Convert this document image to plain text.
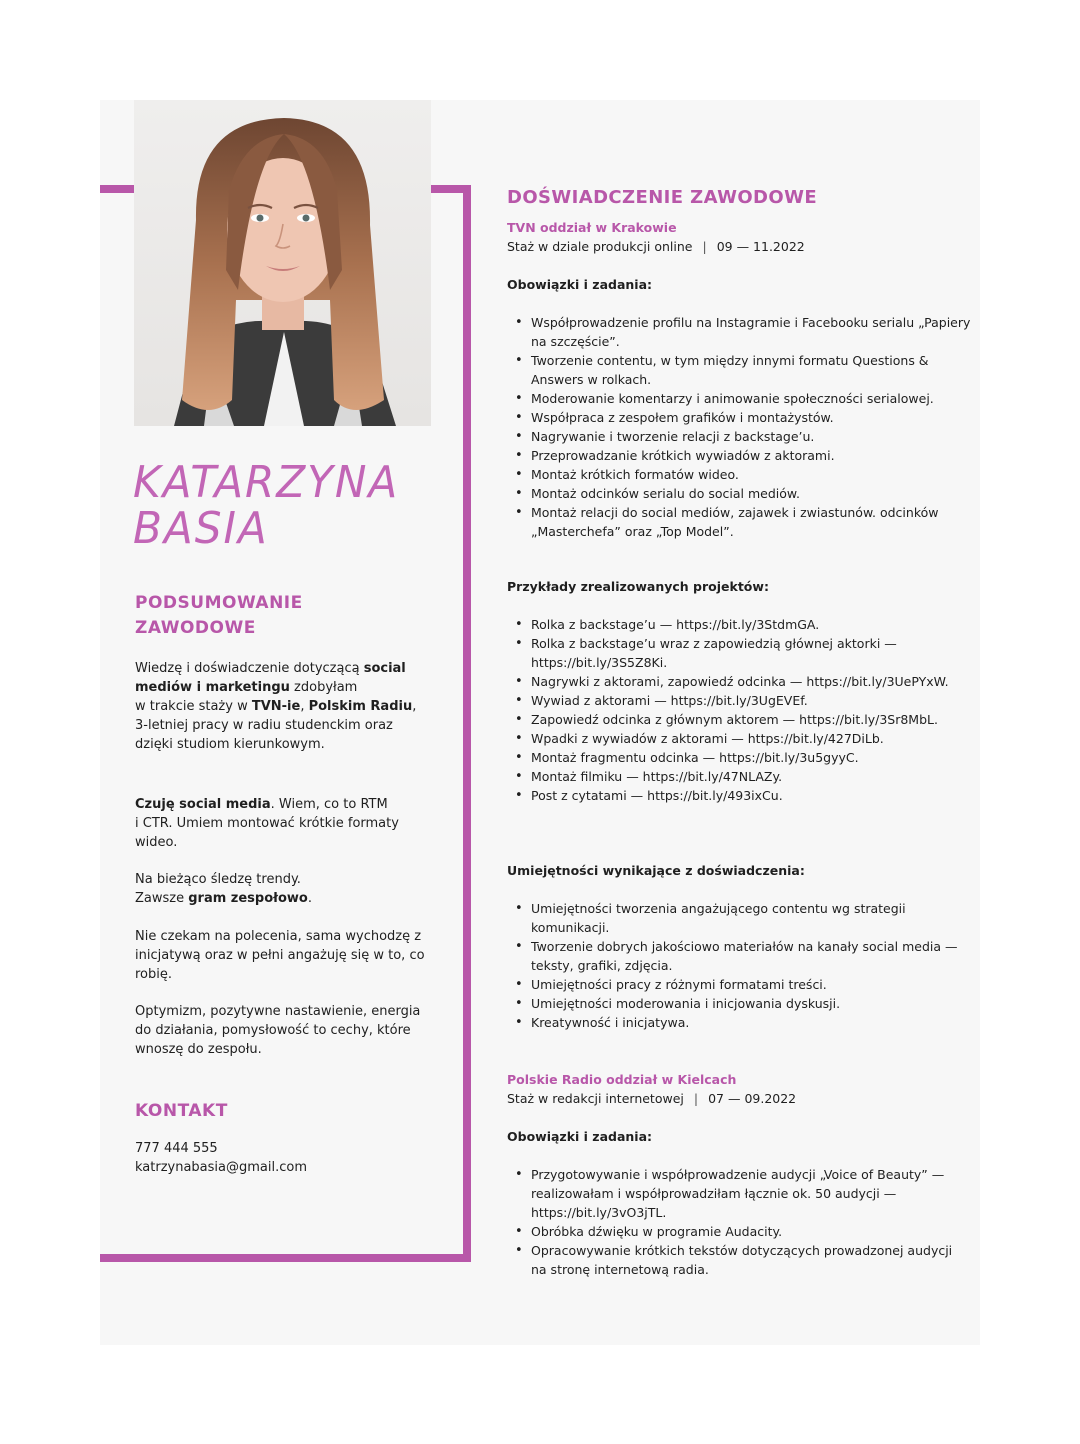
KATARZYNA
BASIA
PODSUMOWANIE
ZAWODOWE
Wiedzę i doświadczenie dotyczącą social mediów i marketingu zdobyłam
w trakcie staży w TVN-ie, Polskim Radiu, 3-letniej pracy w radiu studenckim oraz dzięki studiom kierunkowym.
Czuję social media. Wiem, co to RTM
i CTR. Umiem montować krótkie formaty wideo.
Na bieżąco śledzę trendy.
Zawsze gram zespołowo.
Nie czekam na polecenia, sama wychodzę z inicjatywą oraz w pełni angażuję się w to, co robię.
Optymizm, pozytywne nastawienie, energia do działania, pomysłowość to cechy, które wnoszę do zespołu.
KONTAKT

777 444 555

katrzynabasia@gmail.com

DOŚWIADCZENIE ZAWODOWE

TVN oddział w Krakowie

Staż w dziale produkcji online | 09 — 11.2022

Obowiązki i zadania:

• Współprowadzenie profilu na Instagramie i Facebooku serialu „Papiery na szczęście”.
• Tworzenie contentu, w tym między innymi formatu Questions & Answers w rolkach.
• Moderowanie komentarzy i animowanie społeczności serialowej.
• Współpraca z zespołem grafików i montażystów.
• Nagrywanie i tworzenie relacji z backstage’u.
• Przeprowadzanie krótkich wywiadów z aktorami.
• Montaż krótkich formatów wideo.
• Montaż odcinków serialu do social mediów.
• Montaż relacji do social mediów, zajawek i zwiastunów. odcinków „Masterchefa” oraz „Top Model”.

Przykłady zrealizowanych projektów:

• Rolka z backstage’u — https://bit.ly/3StdmGA.
• Rolka z backstage’u wraz z zapowiedzią głównej aktorki — https://bit.ly/3S5Z8Ki.
• Nagrywki z aktorami, zapowiedź odcinka — https://bit.ly/3UePYxW.
• Wywiad z aktorami — https://bit.ly/3UgEVEf.
• Zapowiedź odcinka z głównym aktorem — https://bit.ly/3Sr8MbL.
• Wpadki z wywiadów z aktorami — https://bit.ly/427DiLb.
• Montaż fragmentu odcinka — https://bit.ly/3u5gyyC.
• Montaż filmiku — https://bit.ly/47NLAZy.
• Post z cytatami — https://bit.ly/493ixCu.

Umiejętności wynikające z doświadczenia:

• Umiejętności tworzenia angażującego contentu wg strategii komunikacji.
• Tworzenie dobrych jakościowo materiałów na kanały social media — teksty, grafiki, zdjęcia.
• Umiejętności pracy z różnymi formatami treści.
• Umiejętności moderowania i inicjowania dyskusji.
• Kreatywność i inicjatywa.

Polskie Radio oddział w Kielcach

Staż w redakcji internetowej | 07 — 09.2022

Obowiązki i zadania:

• Przygotowywanie i współprowadzenie audycji „Voice of Beauty” — realizowałam i współprowadziłam łącznie ok. 50 audycji — https://bit.ly/3vO3jTL.
• Obróbka dźwięku w programie Audacity.
• Opracowywanie krótkich tekstów dotyczących prowadzonej audycji na stronę internetową radia.
